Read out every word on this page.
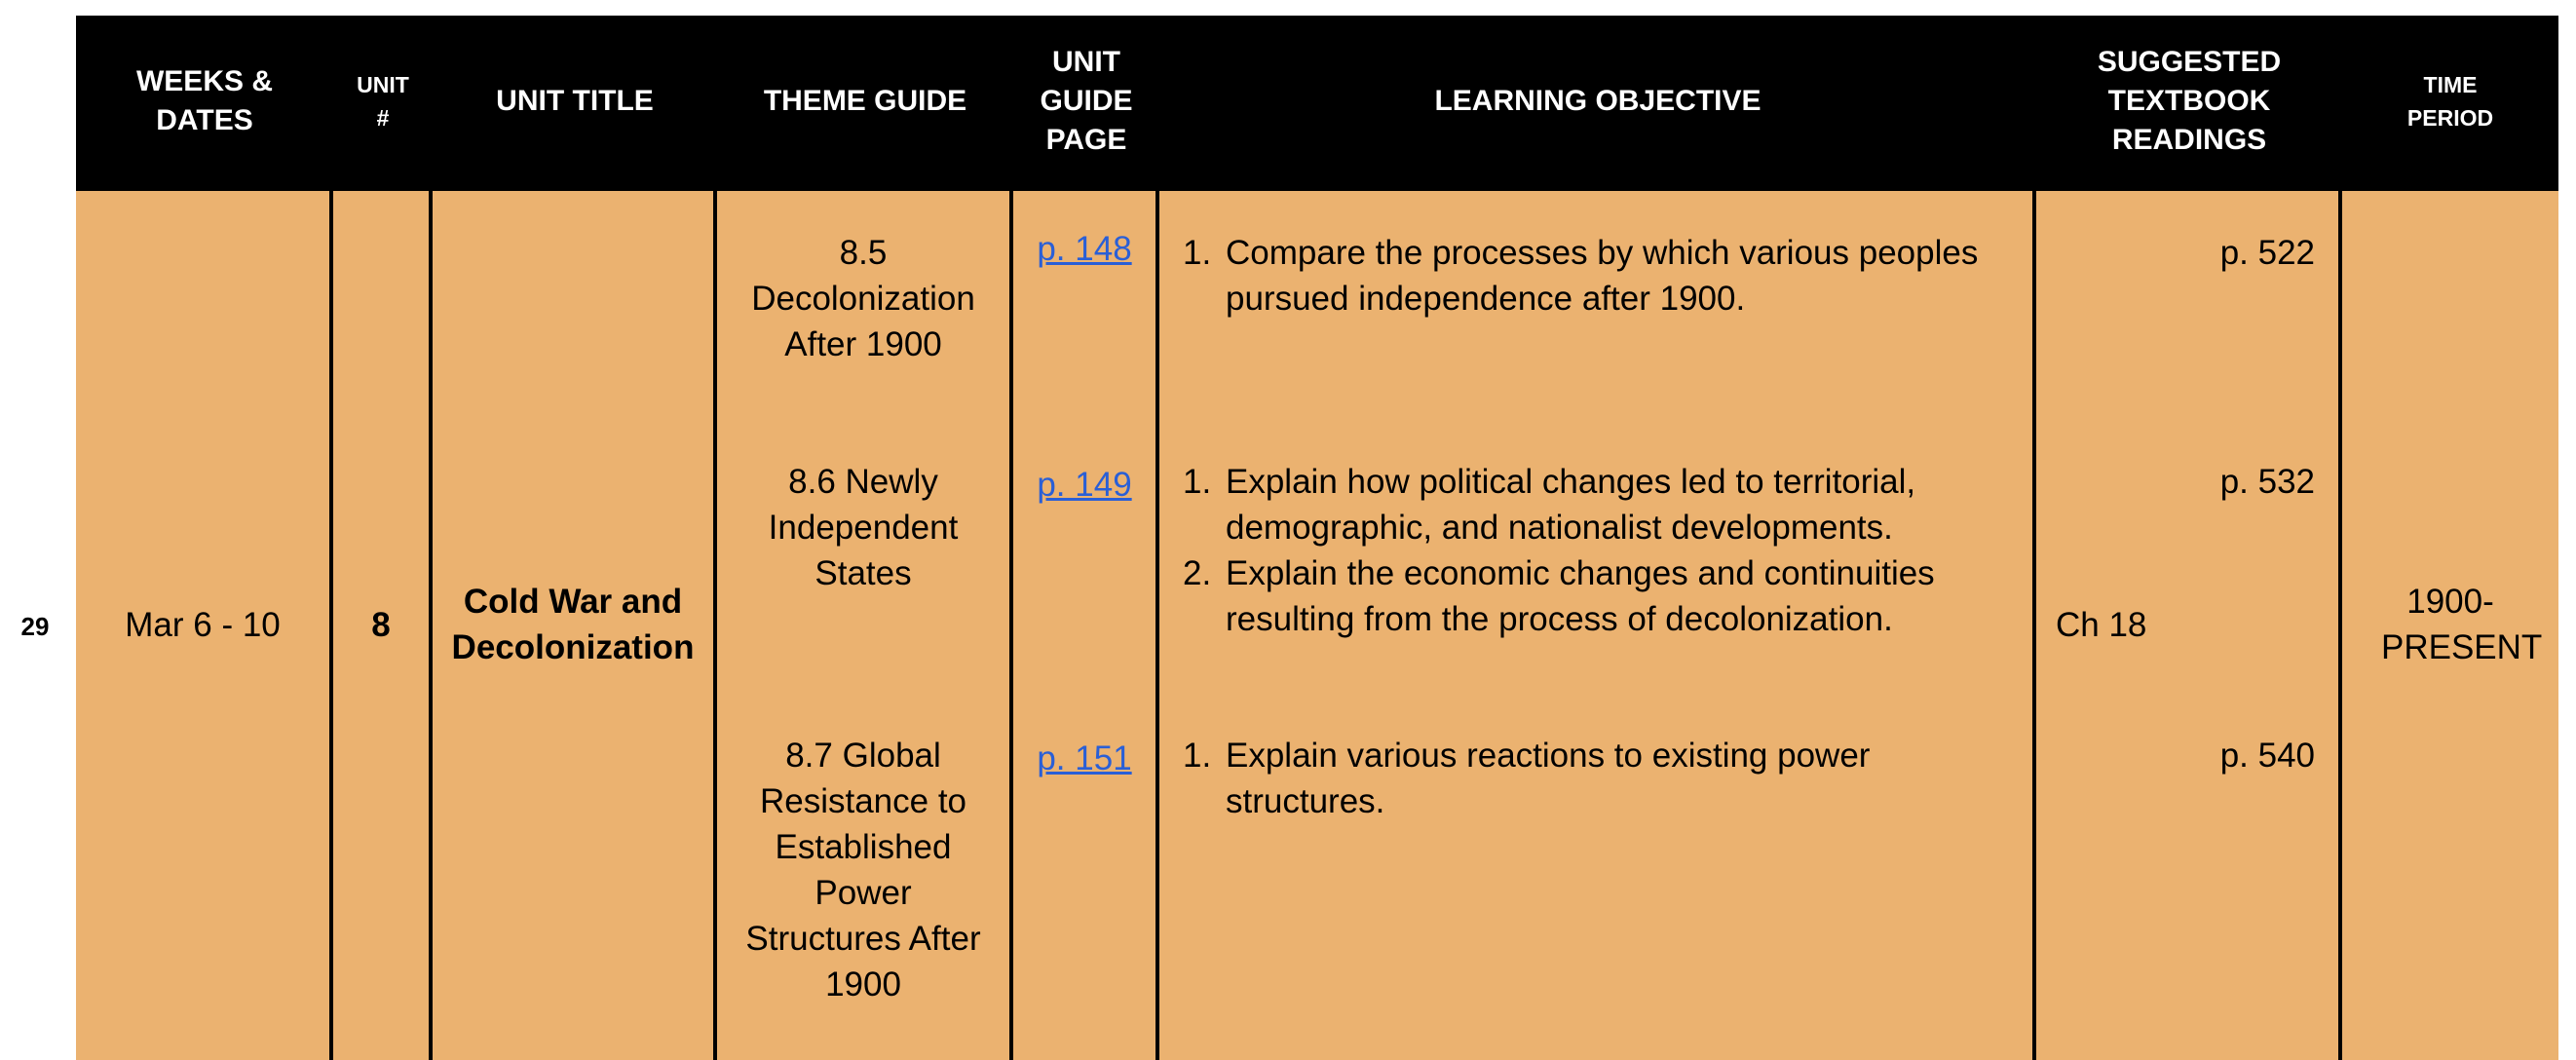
29
WEEKS & DATES
UNIT #
UNIT TITLE	THEME GUIDE
UNIT GUIDE PAGE
LEARNING OBJECTIVE
SUGGESTED TEXTBOOK READINGS
TIME PERIOD
Mar 6 - 10	8
Cold War and Decolonization
8.5 Decolonization After 1900
8.6 Newly Independent States
8.7 Global Resistance to Established Power Structures After 1900
p. 148
p. 149
p. 151
1. Compare the processes by which various peoples pursued independence after 1900.
1. Explain how political changes led to territorial, demographic, and nationalist developments.
2. Explain the economic changes and continuities resulting from the process of decolonization.
1. Explain various reactions to existing power structures.
Ch 18
p. 522
p. 532
p. 540
1900-PRESENT
